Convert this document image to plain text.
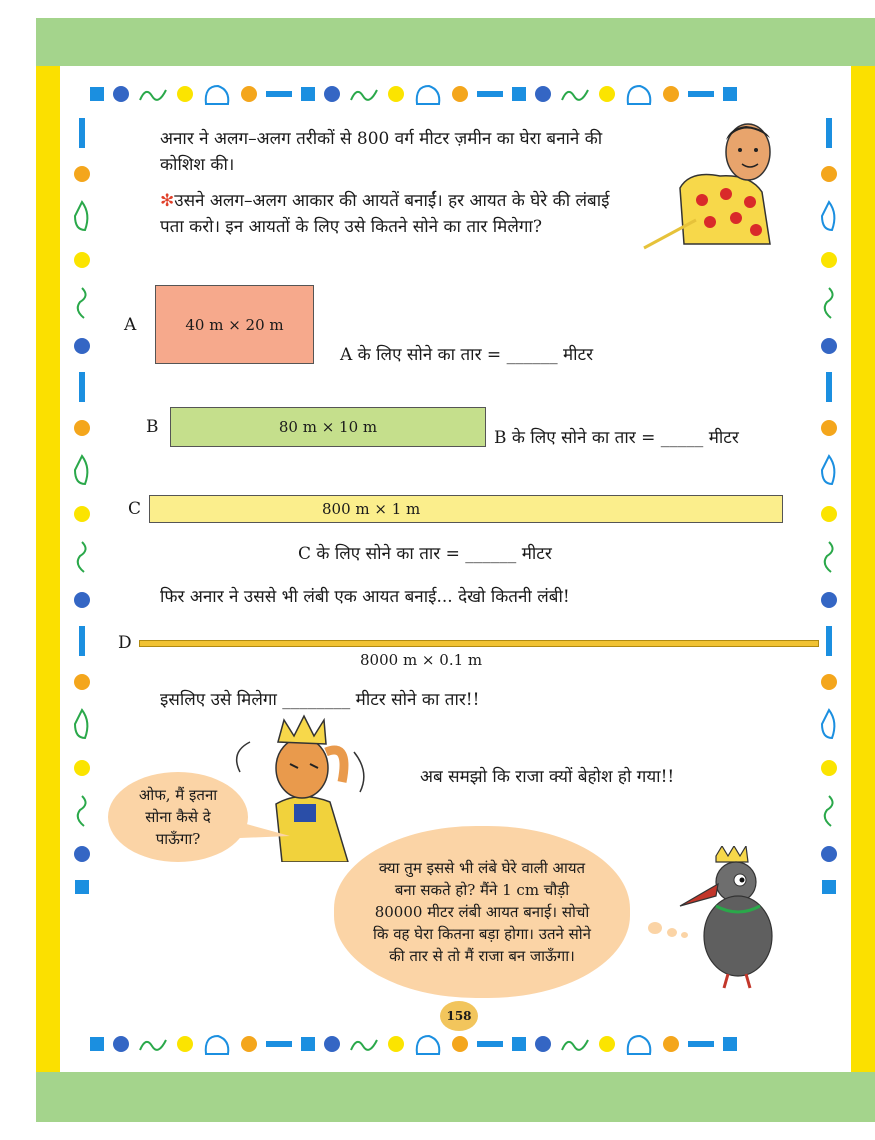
अनार ने अलग–अलग तरीकों से 800 वर्ग मीटर ज़मीन का घेरा बनाने की कोशिश की।
✻उसने अलग–अलग आकार की आयतें बनाईं। हर आयत के घेरे की लंबाई पता करो। इन आयतों के लिए उसे कितने सोने का तार मिलेगा?
A	40 m × 20 m
A के लिए सोने का तार = ______ मीटर
B	80 m × 10 m
B के लिए सोने का तार = _____ मीटर
C	800 m × 1 m
C के लिए सोने का तार = ______ मीटर
फिर अनार ने उससे भी लंबी एक आयत बनाई... देखो कितनी लंबी!
D
8000 m × 0.1 m
इसलिए उसे मिलेगा ________ मीटर सोने का तार!!
अब समझो कि राजा क्यों बेहोश हो गया!!
ओफ, मैं इतना सोना कैसे दे पाऊँगा?
क्या तुम इससे भी लंबे घेरे वाली आयत बना सकते हो? मैंने 1 cm चौड़ी 80000 मीटर लंबी आयत बनाई। सोचो कि वह घेरा कितना बड़ा होगा। उतने सोने की तार से तो मैं राजा बन जाऊँगा।
158
